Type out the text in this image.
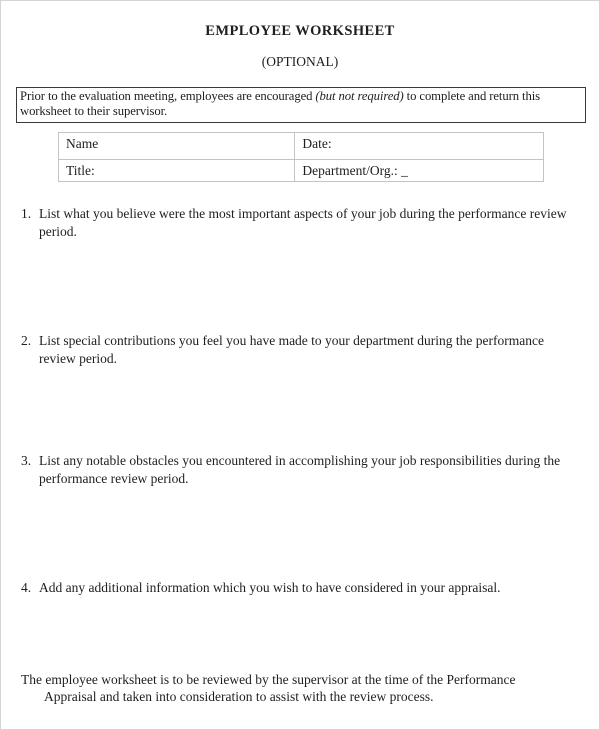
EMPLOYEE WORKSHEET
(OPTIONAL)
Prior to the evaluation meeting, employees are encouraged (but not required) to complete and return this worksheet to their supervisor.
Name	Date:
Title:	Department/Org.: _
1. List what you believe were the most important aspects of your job during the performance review period.
2. List special contributions you feel you have made to your department during the performance review period.
3. List any notable obstacles you encountered in accomplishing your job responsibilities during the performance review period.
4. Add any additional information which you wish to have considered in your appraisal.
The employee worksheet is to be reviewed by the supervisor at the time of the Performance Appraisal and taken into consideration to assist with the review process.
